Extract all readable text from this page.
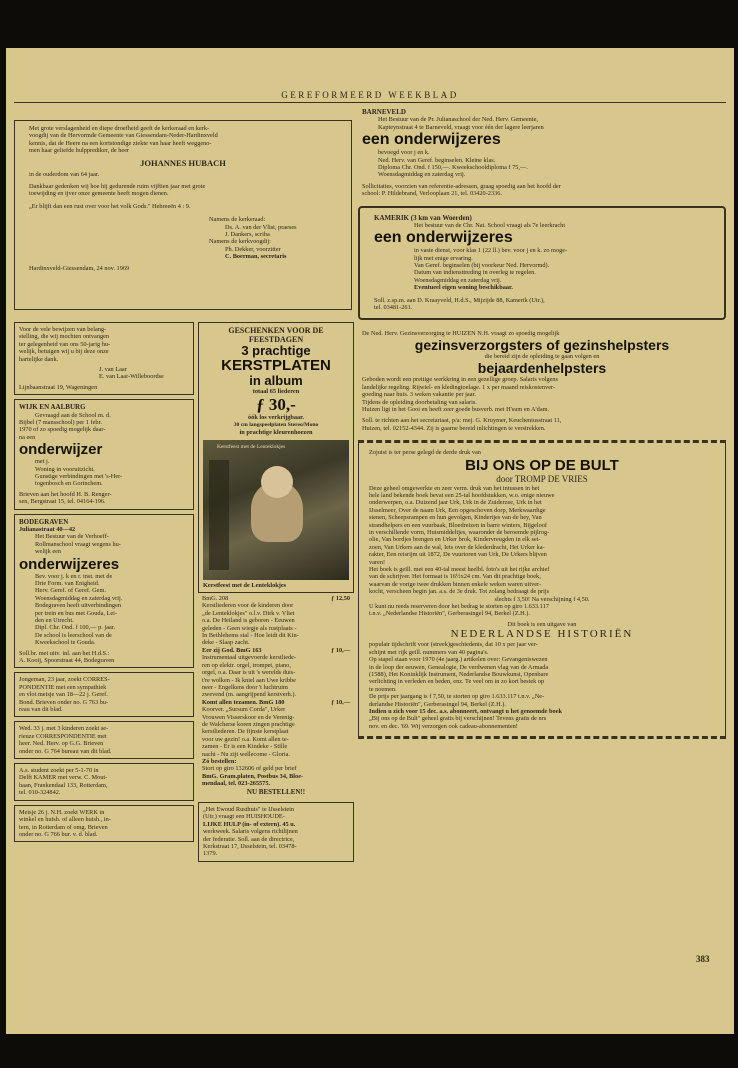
GEREFORMEERD WEEKBLAD
Met grote verslagenheid en diepe droefheid geeft de kerkeraad en kerk-
voogdij van de Hervormde Gemeente van Giessendam-Neder-Hardinxveld
kennis, dat de Heere na een kortstondige ziekte van haar heeft weggeno-
men haar geliefde hulpprediker, de heer
JOHANNES HUBACH
in de ouderdom van 64 jaar.
Dankbaar gedenken wij hoe hij gedurende ruim vijftien jaar met grote
toewijding en ijver onze gemeente heeft mogen dienen.
„Er blijft dan een rust over voor het volk Gods." Hebreeën 4 : 9.
Namens de kerkeraad:
Ds. A. van der Vlist, praeses
J. Dankers, scriba
Namens de kerkvoogdij:
Ph. Dekker, voorzitter
C. Boerman, secretaris
Hardinxveld-Giessendam, 24 nov. 1969
Voor de vele bewijzen van belang-
stelling, die wij mochten ontvangen
ter gelegenheid van ons 50-jarig hu-
welijk, betuigen wij u bij deze onze
hartelijke dank.
J. van Laar
E. van Laar-Willeboordse
Lijnbaanstraat 19, Wageningen
WIJK EN AALBURG
Gevraagd aan de School m. d.
Bijbel (7 mansschool) per 1 febr.
1970 of zo spoedig mogelijk daar-
na een
onderwijzer
met j.
Woning in vooruitzicht.
Gunstige verbindingen met 's-Her-
togenbosch en Gorinchem.
Brieven aan het hoofd H. B. Renger-
sen, Bergstraat 15, tel. 04164-196.
BODEGRAVEN
Julianastraat 40—42
Het Bestuur van de Verhoeff-
Rollmanschool vraagt wegens hu-
welijk een
onderwijzeres
Bev. voor j. k en r. inst. met de
Drie Form. van Enigheid.
Herv. Geref. of Geref. Gem.
Woensdagmiddag en zaterdag vrij.
Bodegraven heeft uitverbindingen
per trein en bus met Gouda, Lei-
den en Utrecht.
Dipl. Chr. Ond. f 100,— p. jaar.
De school is leerschool van de
Kweekschool te Gouda.
Soll.br. met uitv. inl. aan het H.d.S.:
A. Kooij, Spoorstraat 44, Bodegraven
Jongeman, 23 jaar, zoekt CORRES-
PONDENTIE met een sympathiek
en vlot meisje van 18—22 j. Geref.
Bond. Brieven onder no. G 763 bu-
reau van dit blad.
Wed. 33 j. met 3 kinderen zoekt se-
rieuze CORRESPONDENTIE met
heer. Ned. Herv. op G.G. Brieven
onder no. G 764 bureau van dit blad.
A.s. student zoekt per 5-1-70 in
Delft KAMER met verw. C. Mout-
haan, Frankendaal 133, Rotterdam,
tel. 010-324842.
Meisje 26 j. N.H. zoekt WERK in
winkel en huish. of alleen huish., in-
tern, in Rotterdam of omg. Brieven
onder no. G 766 bur. v. d. blad.
GESCHENKEN VOOR DE
FEESTDAGEN
3 prachtige
KERSTPLATEN
in album
totaal 65 liederen
ƒ 30,-
óók los verkrijgbaar.
30 cm langspeelplaten Stereo/Mono
in prachtige kleurenhoezen
Kerstfeest met de Lenteklokjes
Kerstfeest met de Lenteklokjes
BmG. 208	ƒ 12,50
Kerstliederen voor de kinderen door
„de Lenteklokjes" o.l.v. Dirk v. Vliet
o.a. De Heiland is geboren - Eeuwen
geleden - Geen wiegje als rustplaats -
In Bethlehems stal - Hoe leidt dit Kin-
deke - Slaap zacht.
Eer zij God. BmG 163	ƒ 10,—
Instrumentaal uitgevoerde kerstliede-
ren op elektr. orgel, trompet, piano,
orgel, o.a. Daar is uit 's werelds duis-
t're wolken - Ik kniel aan Uwe kribbe
neer - Engelkens door 't luchtruim
zwevend (m. aangrijpend kerstverh.).
Komt allen tezamen. BmG 180	ƒ 10,—
Koorver. „Sursum Corda", Urker
Vrouwen Visserskoor en de Verenig-
de Walcherse koren zingen prachtige
kerstliederen. De fijnste kerstplaat
voor uw gezin! o.a. Komt allen te-
zamen - Er is een Kindeke - Stille
nacht - Nu zijt wellecome - Gloria.
Zó bestellen:
Stort op giro 132606 of geld per brief
BmG. Gram.platen, Postbus 34, Bloe-
mendaal, tel. 023-265575.
NU BESTELLEN!!
„Het Ewoud Rusthuis" te IJsselstein
(Utr.) vraagt een HUISHOUDE-
LIJKE HULP (in- of extern). 45 u.
werkweek. Salaris volgens richtlijnen
der federatie. Soll. aan de directrice,
Kerkstraat 17, IJsselstein, tel. 03478-
1379.
BARNEVELD
Het Bestuur van de Pr. Julianaschool der Ned. Herv. Gemeente,
Kapteynstraat 4 te Barneveld, vraagt voor één der lagere leerjaren
een onderwijzeres
bevoegd voor j en k.
Ned. Herv. van Geref. beginselen. Kleine klas.
Diploma Chr. Ond. f 150,—. Kweekschooldiploma f 75,—.
Woensdagmiddag en zaterdag vrij.
Sollicitaties, voorzien van referentie-adressen, graag spoedig aan het hoofd der
school: P. Hildebrand, Verlooplaan 21, tel. 03420-2336.
KAMERIK (3 km van Woerden)
Het bestuur van de Chr. Nat. School vraagt als 7e leerkracht
een onderwijzeres
in vaste dienst, voor klas 1 (22 ll.) bev. voor j en k. zo moge-
lijk met enige ervaring.
Van Geref. beginselen (bij voorkeur Ned. Hervormd).
Datum van indiensttreding in overleg te regelen.
Woensdagmiddag en zaterdag vrij.
Eventueel eigen woning beschikbaar.
Soll. z.sp.m. aan D. Kraayveld, H.d.S., Mijzijde 88, Kamerik (Utr.),
tel. 03481-261.
De Ned. Herv. Gezinsverzorging te HUIZEN N.H. vraagt zo spoedig mogelijk
gezinsverzorgsters of gezinshelpsters
die bereid zijn de opleiding te gaan volgen en
bejaardenhelpsters
Geboden wordt een prettige werkkring in een gezellige groep. Salaris volgens
landelijke regeling. Rijwiel- en kledingtoelage. 1 x per maand reiskostenver-
goeding naar huis. 3 weken vakantie per jaar.
Tijdens de opleiding doorbetaling van salaris.
Huizen ligt in het Gooi en heeft zeer goede busverb. met H'sum en A'dam.
Soll. te richten aan het secretariaat, p/a: mej. G. Kruymer, Keucheniusstraat 11,
Huizen, tel. 02152-4344. Zij is gaarne bereid inlichtingen te verstrekken.
Zojuist is ter perse gelegd de derde druk van
BIJ ONS OP DE BULT
door TROMP DE VRIES
Deze geheel omgewerkte en zeer verm. druk van het intussen in het
hele land bekende boek bevat een 25-tal hoofdstukken, w.o. enige nieuwe
onderwerpen, o.a. Duizend jaar Urk, Urk in de Zuiderzee, Urk in het
IJsselmeer, Over de naam Urk, Een opgeschoven dorp, Merkwaardige
stenen, Scheepsrampen en hun gevolgen, Kindertjes van de hey, Van
strandhelpers en een vuurbaak, Bloedreizen in barre winters, Bijgeloof
in verschillende vorm, Huismiddeltjes, waaronder de beroemde pijlrog-
olie, Van bordjes brengen en Urker brok, Kindervreugden in elk sei-
zoen, Van Urkers aan de wal, Iets over de klederdracht, Het Urker ka-
rakter, Een reisrijm uit 1872, De vuurtoren van Urk, De Urkers blijven
varen!
Het boek is geïll. met een 40-tal meest heelbl. foto's uit het rijke archief
van de schrijver. Het formaat is 16½x24 cm. Van dit prachtige boek,
waarvan de vorige twee drukken binnen enkele weken waren uitver-
kocht, verscheen begin jan. a.s. de 3e druk. Tot zolang bedraagt de prijs
slechts f 3,50! Na verschijning f 4,50.
U kunt nu reeds reserveren door het bedrag te storten op giro 1.633.117
t.n.v. „Nederlandse Historiën", Gerberasingel 94, Berkel (Z.H.).
Dit boek is een uitgave van
NEDERLANDSE HISTORIËN
populair tijdschrift voor (streek)geschiedenis, dat 10 x per jaar ver-
schijnt met rijk geill. nummers van 40 pagina's.
Op stapel staan voor 1970 (4e jaarg.) artikelen over: Gevangeniswezen
in de loop der eeuwen, Genealogie, De verdwenen vlag van de Armada
(1588), Het Koninklijk Instrument, Nederlandse Bouwkunst, Openbare
verlichting in verleden en heden, enz. Te veel om in zo kort bestek op
te noemen.
De prijs per jaargang is f 7,50, te storten op giro 1.633.117 t.n.v. „Ne-
derlandse Historiën", Gerberasingel 94, Berkel (Z.H.).
Indien u zich voor 15 dec. a.s. abonneert, ontvangt u het genoemde boek
„Bij ons op de Bult" geheel gratis bij verschijnen! Tevens gratis de nrs
nov. en dec. '69. Wij verzorgen ook cadeau-abonnementen!
383
